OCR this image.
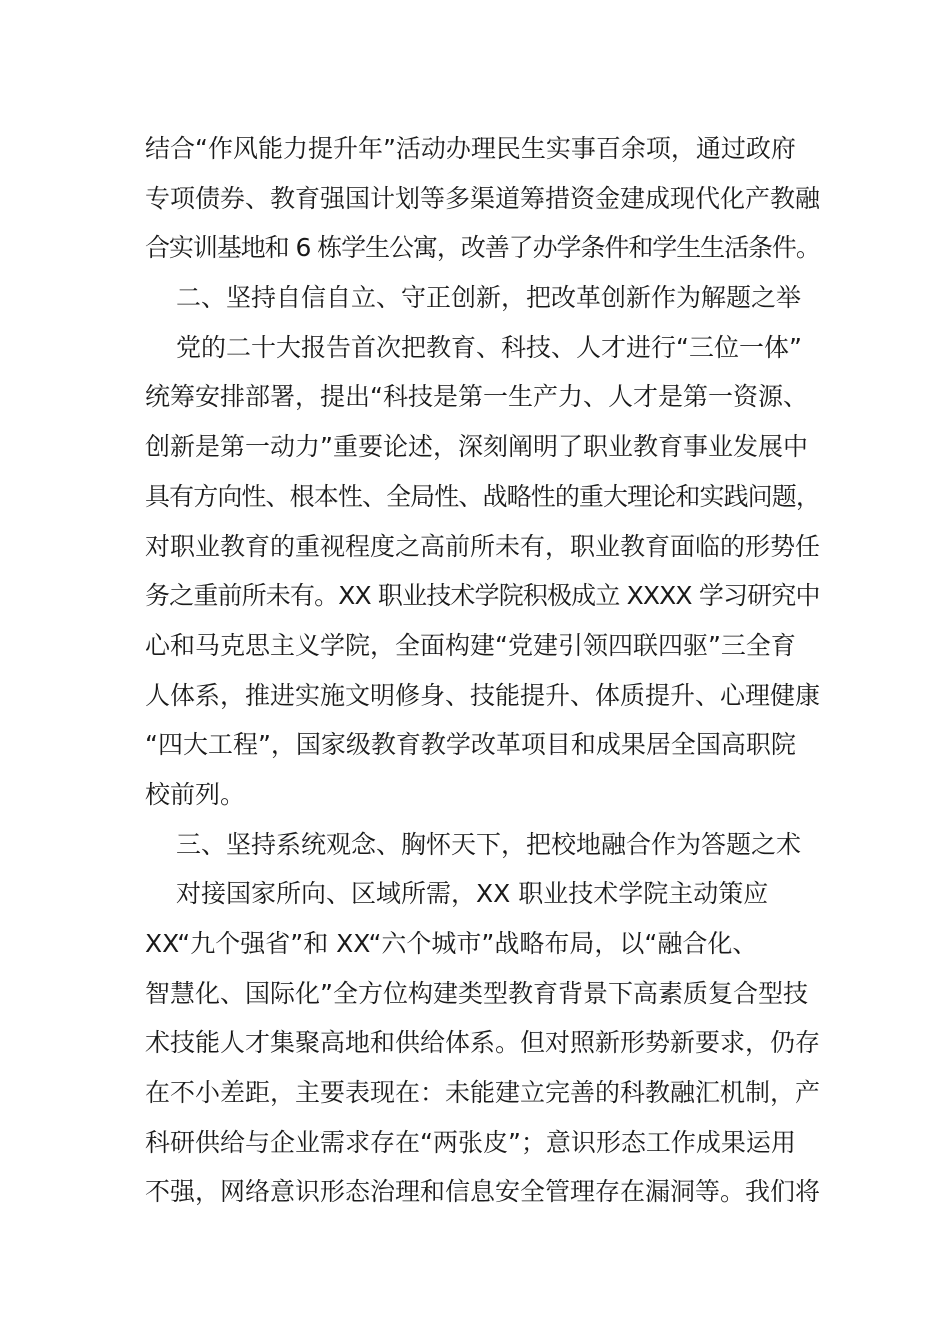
结合“作风能力提升年”活动办理民生实事百余项，通过政府
专项债券、教育强国计划等多渠道筹措资金建成现代化产教融
合实训基地和 6 栋学生公寓，改善了办学条件和学生生活条件。
二、坚持自信自立、守正创新，把改革创新作为解题之举
党的二十大报告首次把教育、科技、人才进行“三位一体”
统筹安排部署，提出“科技是第一生产力、人才是第一资源、
创新是第一动力”重要论述，深刻阐明了职业教育事业发展中
具有方向性、根本性、全局性、战略性的重大理论和实践问题，
对职业教育的重视程度之高前所未有，职业教育面临的形势任
务之重前所未有。XX 职业技术学院积极成立 XXXX 学习研究中
心和马克思主义学院，全面构建“党建引领四联四驱”三全育
人体系，推进实施文明修身、技能提升、体质提升、心理健康
“四大工程”，国家级教育教学改革项目和成果居全国高职院
校前列。
三、坚持系统观念、胸怀天下，把校地融合作为答题之术
对接国家所向、区域所需，XX 职业技术学院主动策应
XX“九个强省”和 XX“六个城市”战略布局，以“融合化、
智慧化、国际化”全方位构建类型教育背景下高素质复合型技
术技能人才集聚高地和供给体系。但对照新形势新要求，仍存
在不小差距，主要表现在：未能建立完善的科教融汇机制，产
科研供给与企业需求存在“两张皮”；意识形态工作成果运用
不强，网络意识形态治理和信息安全管理存在漏洞等。我们将
